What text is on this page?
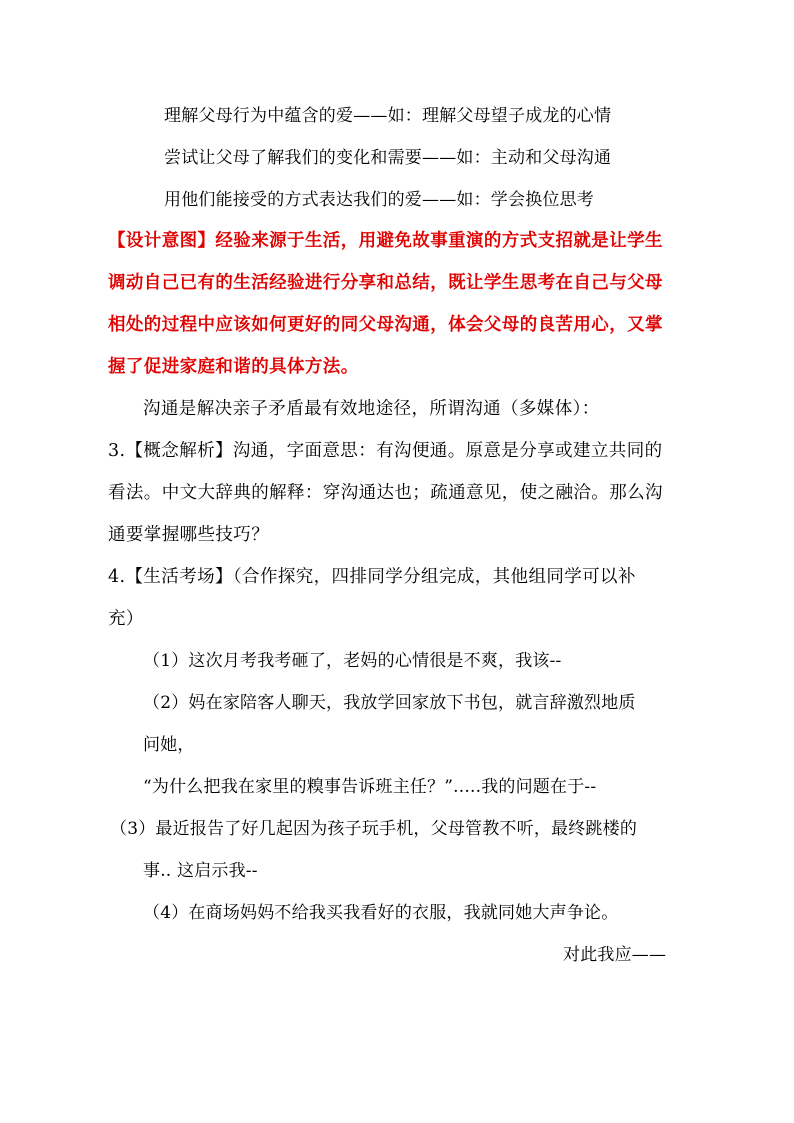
理解父母行为中蕴含的爱——如：理解父母望子成龙的心情
尝试让父母了解我们的变化和需要——如：主动和父母沟通
用他们能接受的方式表达我们的爱——如：学会换位思考
【设计意图】经验来源于生活，用避免故事重演的方式支招就是让学生
调动自己已有的生活经验进行分享和总结，既让学生思考在自己与父母
相处的过程中应该如何更好的同父母沟通，体会父母的良苦用心，又掌
握了促进家庭和谐的具体方法。
沟通是解决亲子矛盾最有效地途径，所谓沟通（多媒体）：
3.【概念解析】沟通，字面意思：有沟便通。原意是分享或建立共同的
看法。中文大辞典的解释：穿沟通达也；疏通意见，使之融洽。那么沟
通要掌握哪些技巧？
4.【生活考场】（合作探究，四排同学分组完成，其他组同学可以补
充）
（1）这次月考我考砸了，老妈的心情很是不爽，我该--
（2）妈在家陪客人聊天，我放学回家放下书包，就言辞激烈地质
问她，
“为什么把我在家里的糗事告诉班主任？”.....我的问题在于--
（3）最近报告了好几起因为孩子玩手机，父母管教不听，最终跳楼的
事.. 这启示我--
（4）在商场妈妈不给我买我看好的衣服，我就同她大声争论。
对此我应——
